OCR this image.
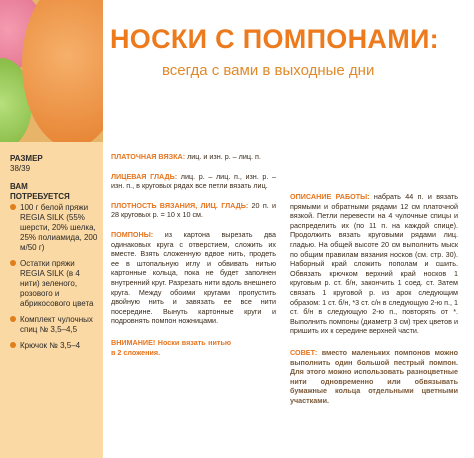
РАЗМЕР
38/39
ВАМ ПОТРЕБУЕТСЯ
100 г белой пряжи REGIA SILK (55% шерсти, 20% шелка, 25% полиамида, 200 м/50 г)
Остатки пряжи REGIA SILK (в 4 нити) зеленого, розового и абрикосового цвета
Комплект чулочных спиц № 3,5–4,5
Крючок № 3,5–4
НОСКИ С ПОМПОНАМИ:
всегда с вами в выходные дни

ПЛАТОЧНАЯ ВЯЗКА: лиц. и изн. р. – лиц. п.

ЛИЦЕВАЯ ГЛАДЬ: лиц. р. – лиц. п., изн. р. – изн. п., в круговых рядах все петли вязать лиц.

ПЛОТНОСТЬ ВЯЗАНИЯ, ЛИЦ. ГЛАДЬ: 20 п. и 28 круговых р. = 10 х 10 см.

ПОМПОНЫ: из картона вырезать два одинаковых круга с отверстием, сложить их вместе. Взять сложенную вдвое нить, продеть ее в штопальную иглу и обвивать нитью картонные кольца, пока не будет заполнен внутренний круг. Разрезать нити вдоль внешнего круга. Между обоими кругами пропустить двойную нить и завязать ее все нити посередине. Вынуть картонные круги и подровнять помпон ножницами.

ВНИМАНИЕ! Носки вязать нитью в 2 сложения.

ОПИСАНИЕ РАБОТЫ: набрать 44 п. и вязать прямыми и обратными рядами 12 см платочной вязкой. Петли перевести на 4 чулочные спицы и распределить их (по 11 п. на каждой спице). Продолжить вязать круговыми рядами лиц. гладью. На общей высоте 20 см выполнить мыск по общим правилам вязания носков (см. стр. 30). Наборный край сложить пополам и сшить. Обвязать крючком верхний край носков 1 круговым р. ст. б/н, закончить 1 соед. ст. Затем связать 1 круговой р. из арок следующим образом: 1 ст. б/н, *3 ст. с/н в следующую 2-ю п., 1 ст. б/н в следующую 2-ю п., повторять от *. Выполнить помпоны (диаметр 3 см) трех цветов и пришить их к середине верхней части.

СОВЕТ: вместо маленьких помпонов можно выполнить один большой пестрый помпон. Для этого можно использовать разноцветные нити одновременно или обвязывать бумажные кольца отдельными цветными участками.
